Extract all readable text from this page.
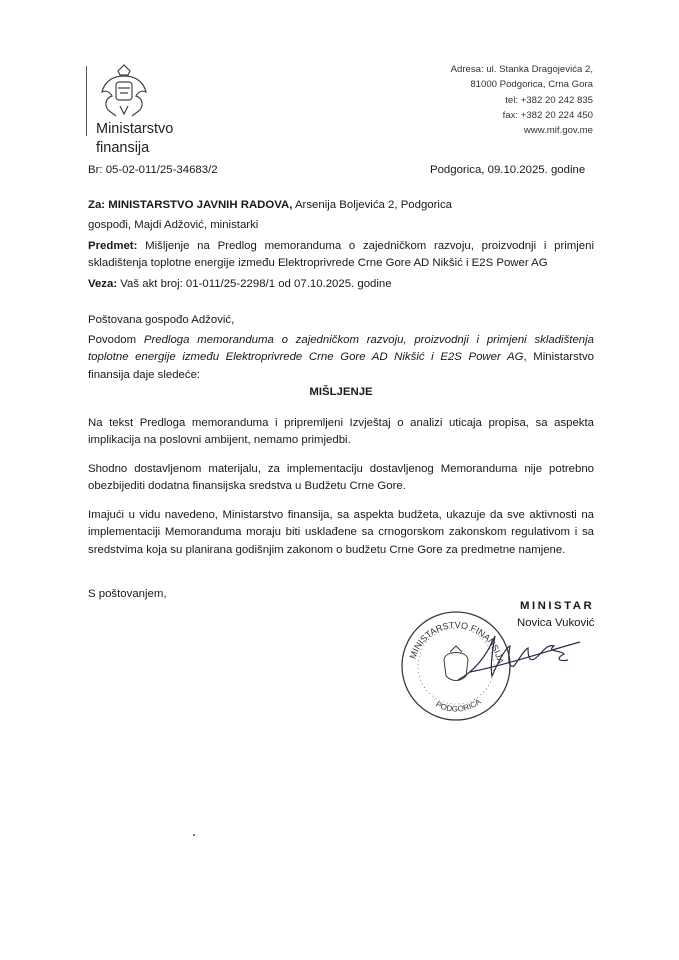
Ministarstvo
finansija
Adresa: ul. Stanka Dragojevića 2,
81000 Podgorica, Crna Gora
tel: +382 20 242 835
fax: +382 20 224 450
www.mif.gov.me
Br: 05-02-011/25-34683/2	Podgorica, 09.10.2025. godine
Za: MINISTARSTVO JAVNIH RADOVA, Arsenija Boljevića 2, Podgorica
gospođi, Majdi Adžović, ministarki
Predmet: Mišljenje na Predlog memoranduma o zajedničkom razvoju, proizvodnji i primjeni skladištenja toplotne energije između Elektroprivrede Crne Gore AD Nikšić i E2S Power AG
Veza: Vaš akt broj: 01-011/25-2298/1 od 07.10.2025. godine
Poštovana gospođo Adžović,
Povodom Predloga memoranduma o zajedničkom razvoju, proizvodnji i primjeni skladištenja toplotne energije između Elektroprivrede Crne Gore AD Nikšić i E2S Power AG, Ministarstvo finansija daje sledeće:
MIŠLJENJE
Na tekst Predloga memoranduma i pripremljeni Izvještaj o analizi uticaja propisa, sa aspekta implikacija na poslovni ambijent, nemamo primjedbi.
Shodno dostavljenom materijalu, za implementaciju dostavljenog Memoranduma nije potrebno obezbijediti dodatna finansijska sredstva u Budžetu Crne Gore.
Imajući u vidu navedeno, Ministarstvo finansija, sa aspekta budžeta, ukazuje da sve aktivnosti na implementaciji Memoranduma moraju biti usklađene sa crnogorskom zakonskom regulativom i sa sredstvima koja su planirana godišnjim zakonom o budžetu Crne Gore za predmetne namjene.
S poštovanjem,
MINISTAR
Novica Vuković
MINISTARSTVO FINANSIJA
PODGORICA
